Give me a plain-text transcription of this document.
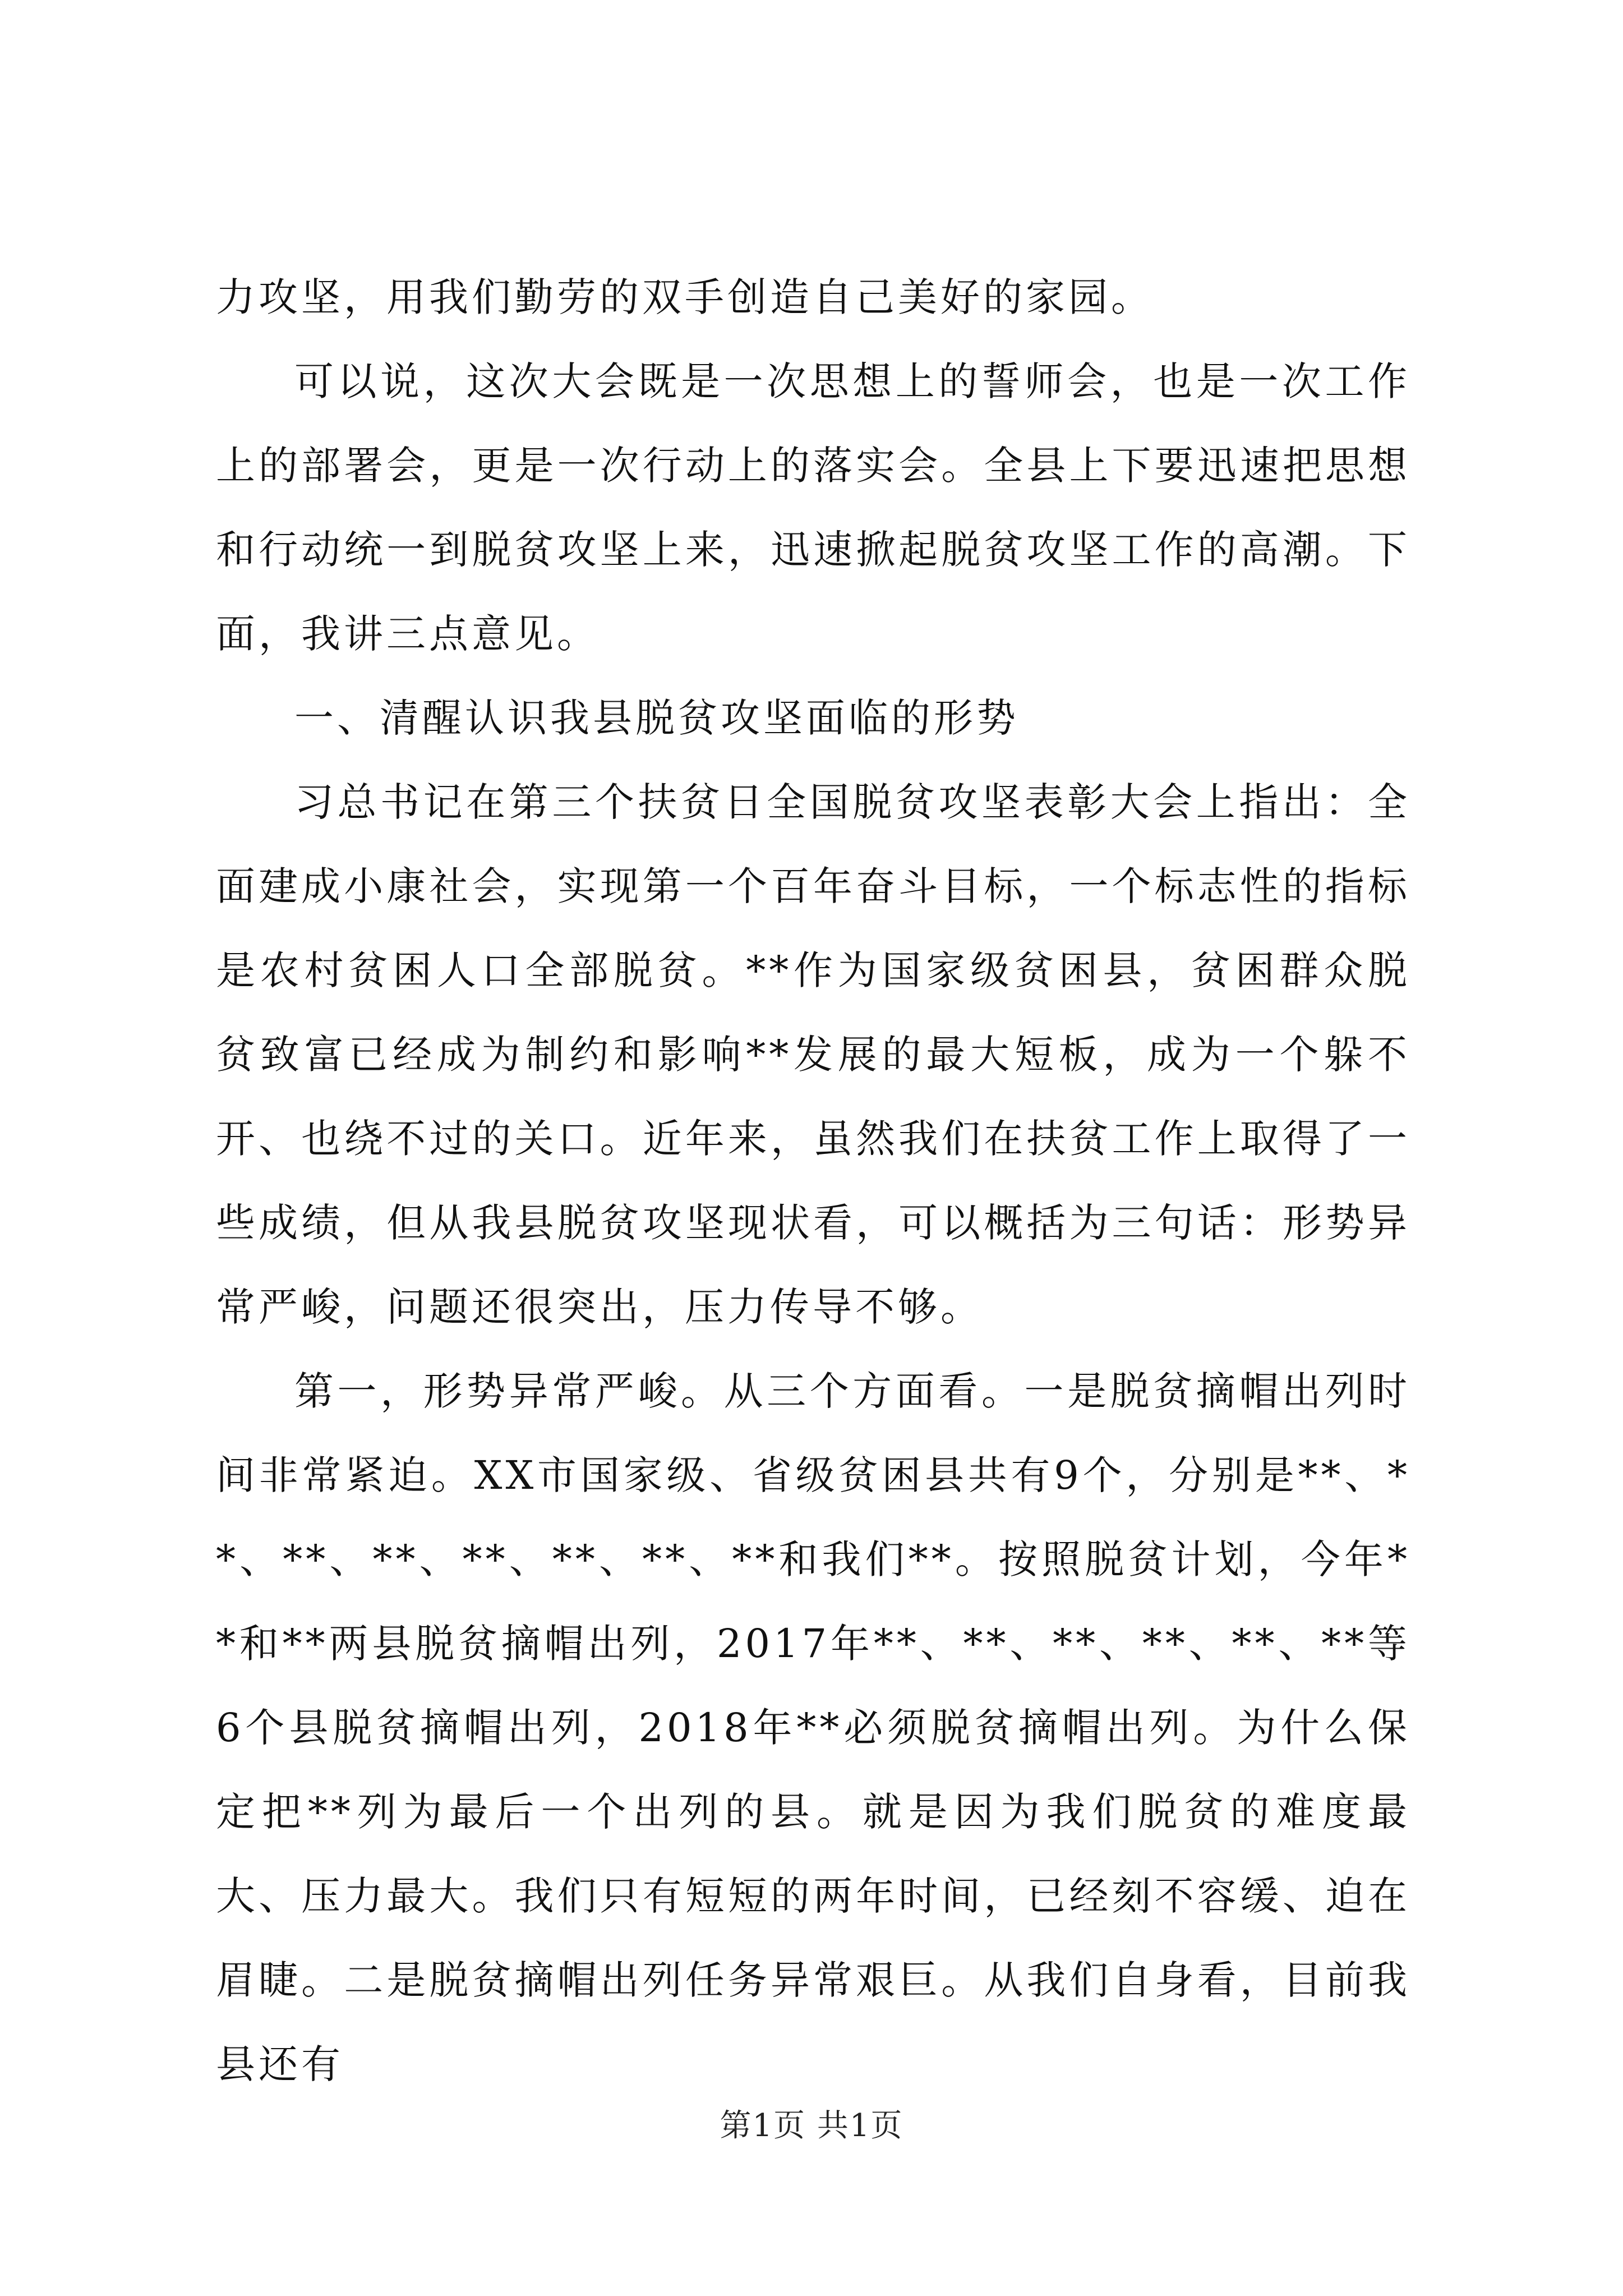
力攻坚，用我们勤劳的双手创造自己美好的家园。

可以说，这次大会既是一次思想上的誓师会，也是一次工作上的部署会，更是一次行动上的落实会。全县上下要迅速把思想和行动统一到脱贫攻坚上来，迅速掀起脱贫攻坚工作的高潮。下面，我讲三点意见。

一、清醒认识我县脱贫攻坚面临的形势

习总书记在第三个扶贫日全国脱贫攻坚表彰大会上指出：全面建成小康社会，实现第一个百年奋斗目标，一个标志性的指标是农村贫困人口全部脱贫。**作为国家级贫困县，贫困群众脱贫致富已经成为制约和影响**发展的最大短板，成为一个躲不开、也绕不过的关口。近年来，虽然我们在扶贫工作上取得了一些成绩，但从我县脱贫攻坚现状看，可以概括为三句话：形势异常严峻，问题还很突出，压力传导不够。

第一，形势异常严峻。从三个方面看。一是脱贫摘帽出列时间非常紧迫。XX市国家级、省级贫困县共有9个，分别是**、**、**、**、**、**、**、**和我们**。按照脱贫计划，今年**和**两县脱贫摘帽出列，2017年**、**、**、**、**、**等6个县脱贫摘帽出列，2018年**必须脱贫摘帽出列。为什么保定把**列为最后一个出列的县。就是因为我们脱贫的难度最大、压力最大。我们只有短短的两年时间，已经刻不容缓、迫在眉睫。二是脱贫摘帽出列任务异常艰巨。从我们自身看，目前我县还有

第1页 共1页
